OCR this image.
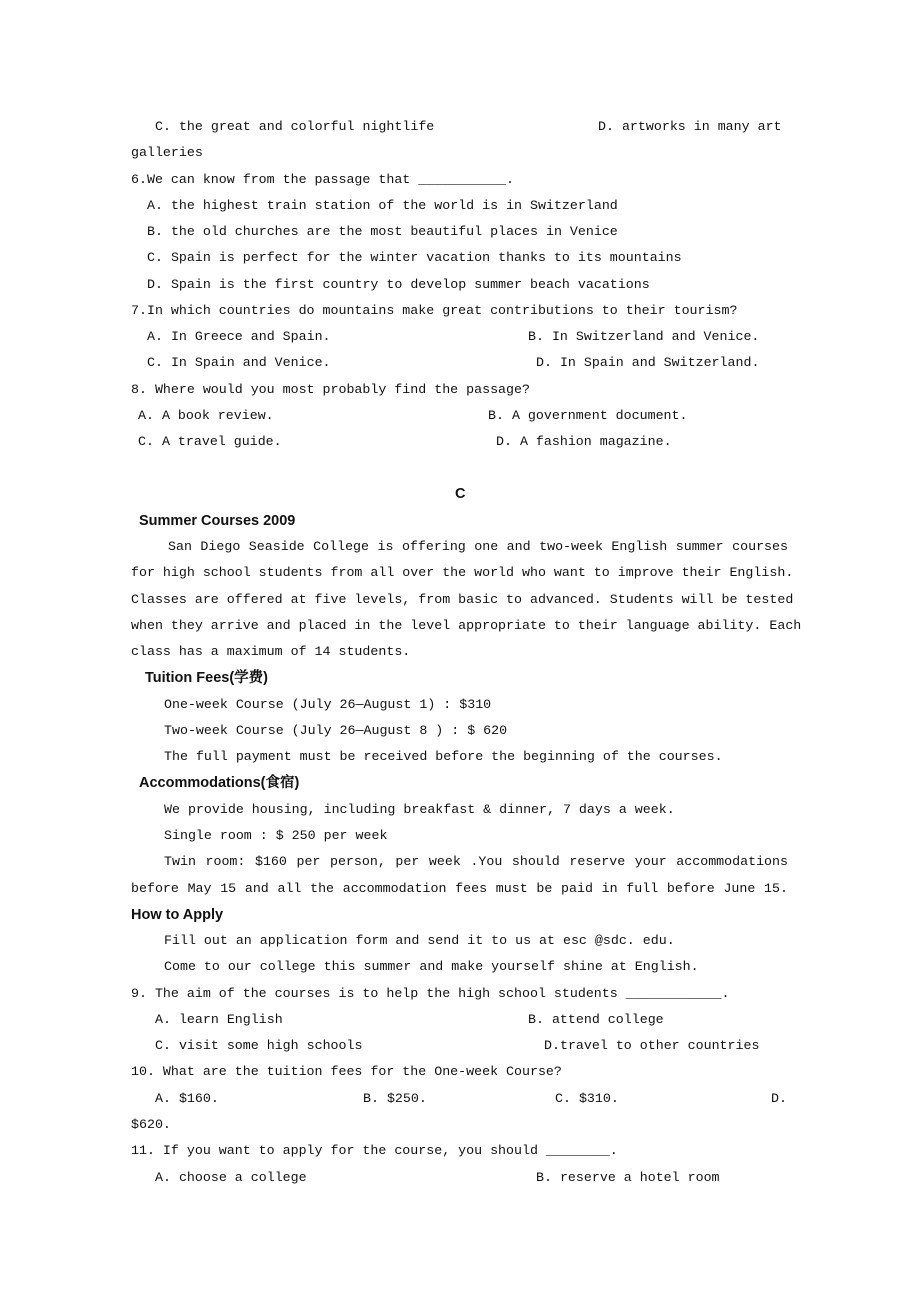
C. the great and colorful nightlife	D. artworks in many art
galleries
6.We can know from the passage that ___________.
A. the highest train station of the world is in Switzerland
B. the old churches are the most beautiful places in Venice
C. Spain is perfect for the winter vacation thanks to its mountains
D. Spain is the first country to develop summer beach vacations
7.In which countries do mountains make great contributions to their tourism?
A. In Greece and Spain.	B. In Switzerland and Venice.
C. In Spain and Venice.	D. In Spain and Switzerland.
8. Where would you most probably find the passage?
A. A book review.	B. A government document.
C. A travel guide.	D. A fashion magazine.
C
Summer Courses 2009
San Diego Seaside College is offering one and two-week English summer courses
for high school students from all over the world who want to improve their English.
Classes are offered at five levels, from basic to advanced. Students will be tested
when they arrive and placed in the level appropriate to their language ability. Each
class has a maximum of 14 students.
Tuition Fees(学费)
One-week Course (July 26—August 1) : $310
Two-week Course (July 26—August 8 ) : $ 620
The full payment must be received before the beginning of the courses.
Accommodations(食宿)
We provide housing, including breakfast & dinner, 7 days a week.
Single room : $ 250 per week
Twin room: $160 per person, per week .You should reserve your accommodations
before May 15 and all the accommodation fees must be paid in full before June 15.
How to Apply
Fill out an application form and send it to us at esc @sdc. edu.
Come to our college this summer and make yourself shine at English.
9. The aim of the courses is to help the high school students ____________.
A. learn English	B. attend college
C. visit some high schools	D.travel to other countries
10. What are the tuition fees for the One-week Course?
A. $160.	B. $250.	C. $310.	D.
$620.
11. If you want to apply for the course, you should ________.
A. choose a college	B. reserve a hotel room
